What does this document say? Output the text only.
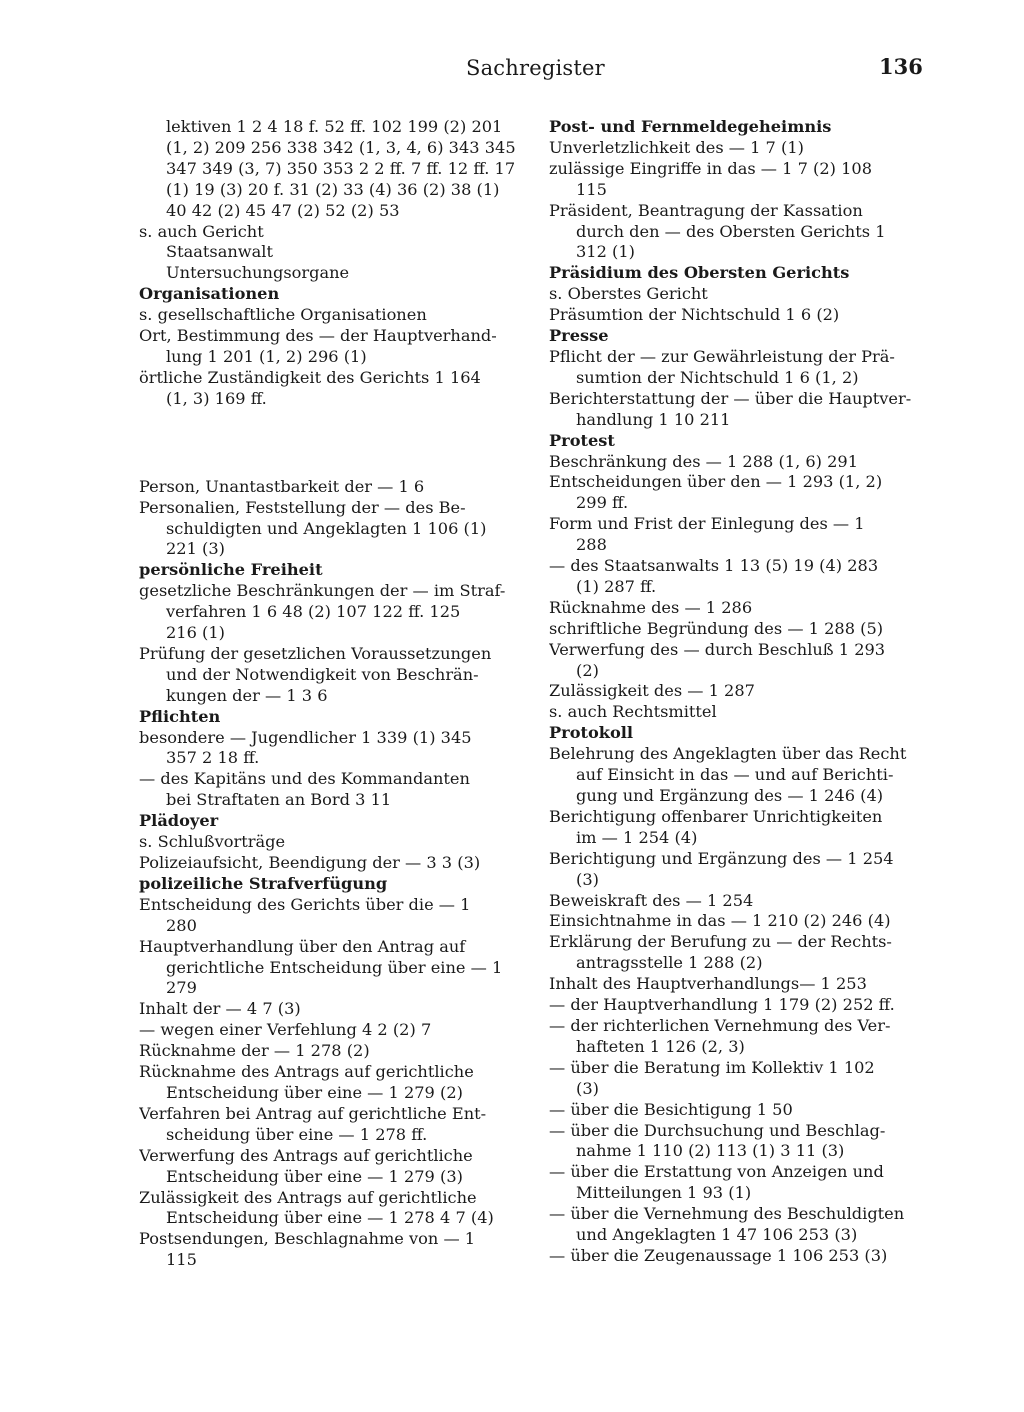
Sachregister	136
lektiven 1 2 4 18 f. 52 ff. 102 199 (2) 201
(1, 2) 209 256 338 342 (1, 3, 4, 6) 343 345
347 349 (3, 7) 350 353 2 2 ff. 7 ff. 12 ff. 17
(1) 19 (3) 20 f. 31 (2) 33 (4) 36 (2) 38 (1)
40 42 (2) 45 47 (2) 52 (2) 53
s. auch Gericht
Staatsanwalt
Untersuchungsorgane
Organisationen
s. gesellschaftliche Organisationen
Ort, Bestimmung des — der Hauptverhand-
lung 1 201 (1, 2) 296 (1)
örtliche Zuständigkeit des Gerichts 1 164
(1, 3) 169 ff.
Person, Unantastbarkeit der — 1 6
Personalien, Feststellung der — des Be-
schuldigten und Angeklagten 1 106 (1)
221 (3)
persönliche Freiheit
gesetzliche Beschränkungen der — im Straf-
verfahren 1 6 48 (2) 107 122 ff. 125
216 (1)
Prüfung der gesetzlichen Voraussetzungen
und der Notwendigkeit von Beschrän-
kungen der — 1 3 6
Pflichten
besondere — Jugendlicher 1 339 (1) 345
357 2 18 ff.
— des Kapitäns und des Kommandanten
bei Straftaten an Bord 3 11
Plädoyer
s. Schlußvorträge
Polizeiaufsicht, Beendigung der — 3 3 (3)
polizeiliche Strafverfügung
Entscheidung des Gerichts über die — 1
280
Hauptverhandlung über den Antrag auf
gerichtliche Entscheidung über eine — 1
279
Inhalt der — 4 7 (3)
— wegen einer Verfehlung 4 2 (2) 7
Rücknahme der — 1 278 (2)
Rücknahme des Antrags auf gerichtliche
Entscheidung über eine — 1 279 (2)
Verfahren bei Antrag auf gerichtliche Ent-
scheidung über eine — 1 278 ff.
Verwerfung des Antrags auf gerichtliche
Entscheidung über eine — 1 279 (3)
Zulässigkeit des Antrags auf gerichtliche
Entscheidung über eine — 1 278 4 7 (4)
Postsendungen, Beschlagnahme von — 1
115
Post- und Fernmeldegeheimnis
Unverletzlichkeit des — 1 7 (1)
zulässige Eingriffe in das — 1 7 (2) 108
115
Präsident, Beantragung der Kassation
durch den — des Obersten Gerichts 1
312 (1)
Präsidium des Obersten Gerichts
s. Oberstes Gericht
Präsumtion der Nichtschuld 1 6 (2)
Presse
Pflicht der — zur Gewährleistung der Prä-
sumtion der Nichtschuld 1 6 (1, 2)
Berichterstattung der — über die Hauptver-
handlung 1 10 211
Protest
Beschränkung des — 1 288 (1, 6) 291
Entscheidungen über den — 1 293 (1, 2)
299 ff.
Form und Frist der Einlegung des — 1
288
— des Staatsanwalts 1 13 (5) 19 (4) 283
(1) 287 ff.
Rücknahme des — 1 286
schriftliche Begründung des — 1 288 (5)
Verwerfung des — durch Beschluß 1 293
(2)
Zulässigkeit des — 1 287
s. auch Rechtsmittel
Protokoll
Belehrung des Angeklagten über das Recht
auf Einsicht in das — und auf Berichti-
gung und Ergänzung des — 1 246 (4)
Berichtigung offenbarer Unrichtigkeiten
im — 1 254 (4)
Berichtigung und Ergänzung des — 1 254
(3)
Beweiskraft des — 1 254
Einsichtnahme in das — 1 210 (2) 246 (4)
Erklärung der Berufung zu — der Rechts-
antragsstelle 1 288 (2)
Inhalt des Hauptverhandlungs— 1 253
— der Hauptverhandlung 1 179 (2) 252 ff.
— der richterlichen Vernehmung des Ver-
hafteten 1 126 (2, 3)
— über die Beratung im Kollektiv 1 102
(3)
— über die Besichtigung 1 50
— über die Durchsuchung und Beschlag-
nahme 1 110 (2) 113 (1) 3 11 (3)
— über die Erstattung von Anzeigen und
Mitteilungen 1 93 (1)
— über die Vernehmung des Beschuldigten
und Angeklagten 1 47 106 253 (3)
— über die Zeugenaussage 1 106 253 (3)
